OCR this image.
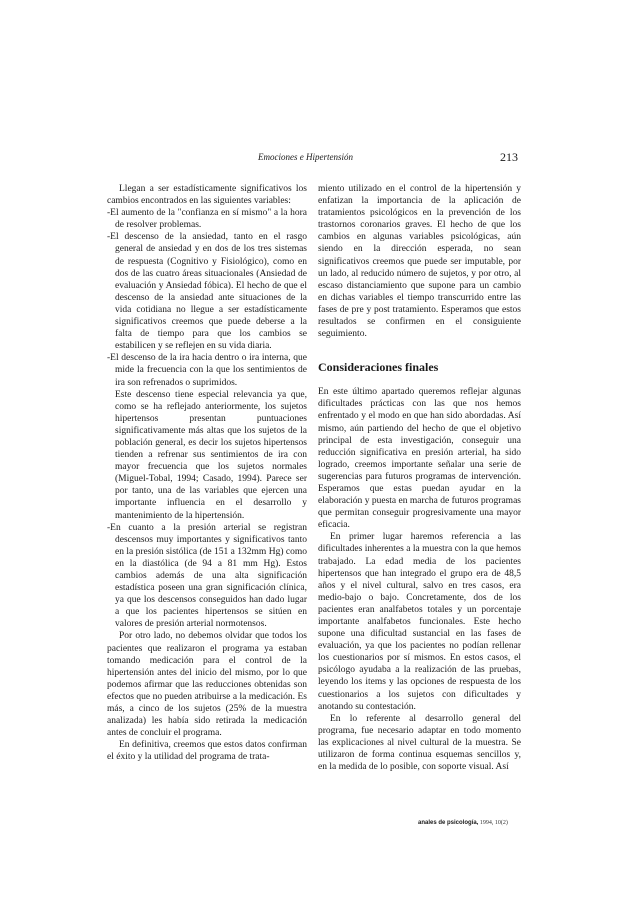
Emociones e Hipertensión	213

Llegan a ser estadísticamente significativos los cambios encontrados en las siguientes variables:

-El aumento de la "confianza en sí mismo" a la hora de resolver problemas.

-El descenso de la ansiedad, tanto en el rasgo general de ansiedad y en dos de los tres sistemas de respuesta (Cognitivo y Fisiológico), como en dos de las cuatro áreas situacionales (Ansiedad de evaluación y Ansiedad fóbica). El hecho de que el descenso de la ansiedad ante situaciones de la vida cotidiana no llegue a ser estadísticamente significativos creemos que puede deberse a la falta de tiempo para que los cambios se estabilicen y se reflejen en su vida diaria.

-El descenso de la ira hacia dentro o ira interna, que mide la frecuencia con la que los sentimientos de ira son refrenados o suprimidos.

Este descenso tiene especial relevancia ya que, como se ha reflejado anteriormente, los sujetos hipertensos presentan puntuaciones significativamente más altas que los sujetos de la población general, es decir los sujetos hipertensos tienden a refrenar sus sentimientos de ira con mayor frecuencia que los sujetos normales (Miguel-Tobal, 1994; Casado, 1994). Parece ser por tanto, una de las variables que ejercen una importante influencia en el desarrollo y mantenimiento de la hipertensión.

-En cuanto a la presión arterial se registran descensos muy importantes y significativos tanto en la presión sistólica (de 151 a 132mm Hg) como en la diastólica (de 94 a 81 mm Hg). Estos cambios además de una alta significación estadística poseen una gran significación clínica, ya que los descensos conseguidos han dado lugar a que los pacientes hipertensos se sitúen en valores de presión arterial normotensos.

Por otro lado, no debemos olvidar que todos los pacientes que realizaron el programa ya estaban tomando medicación para el control de la hipertensión antes del inicio del mismo, por lo que podemos afirmar que las reducciones obtenidas son efectos que no pueden atribuirse a la medicación. Es más, a cinco de los sujetos (25% de la muestra analizada) les había sido retirada la medicación antes de concluir el programa.

En definitiva, creemos que estos datos confirman el éxito y la utilidad del programa de trata-

miento utilizado en el control de la hipertensión y enfatizan la importancia de la aplicación de tratamientos psicológicos en la prevención de los trastornos coronarios graves. El hecho de que los cambios en algunas variables psicológicas, aún siendo en la dirección esperada, no sean significativos creemos que puede ser imputable, por un lado, al reducido número de sujetos, y por otro, al escaso distanciamiento que supone para un cambio en dichas variables el tiempo transcurrido entre las fases de pre y post tratamiento. Esperamos que estos resultados se confirmen en el consiguiente seguimiento.

Consideraciones finales

En este último apartado queremos reflejar algunas dificultades prácticas con las que nos hemos enfrentado y el modo en que han sido abordadas. Así mismo, aún partiendo del hecho de que el objetivo principal de esta investigación, conseguir una reducción significativa en presión arterial, ha sido logrado, creemos importante señalar una serie de sugerencias para futuros programas de intervención. Esperamos que estas puedan ayudar en la elaboración y puesta en marcha de futuros programas que permitan conseguir progresivamente una mayor eficacia.

En primer lugar haremos referencia a las dificultades inherentes a la muestra con la que hemos trabajado. La edad media de los pacientes hipertensos que han integrado el grupo era de 48,5 años y el nivel cultural, salvo en tres casos, era medio-bajo o bajo. Concretamente, dos de los pacientes eran analfabetos totales y un porcentaje importante analfabetos funcionales. Este hecho supone una dificultad sustancial en las fases de evaluación, ya que los pacientes no podían rellenar los cuestionarios por sí mismos. En estos casos, el psicólogo ayudaba a la realización de las pruebas, leyendo los items y las opciones de respuesta de los cuestionarios a los sujetos con dificultades y anotando su contestación.

En lo referente al desarrollo general del programa, fue necesario adaptar en todo momento las explicaciones al nivel cultural de la muestra. Se utilizaron de forma continua esquemas sencillos y, en la medida de lo posible, con soporte visual. Así

anales de psicología, 1994, 10(2)
